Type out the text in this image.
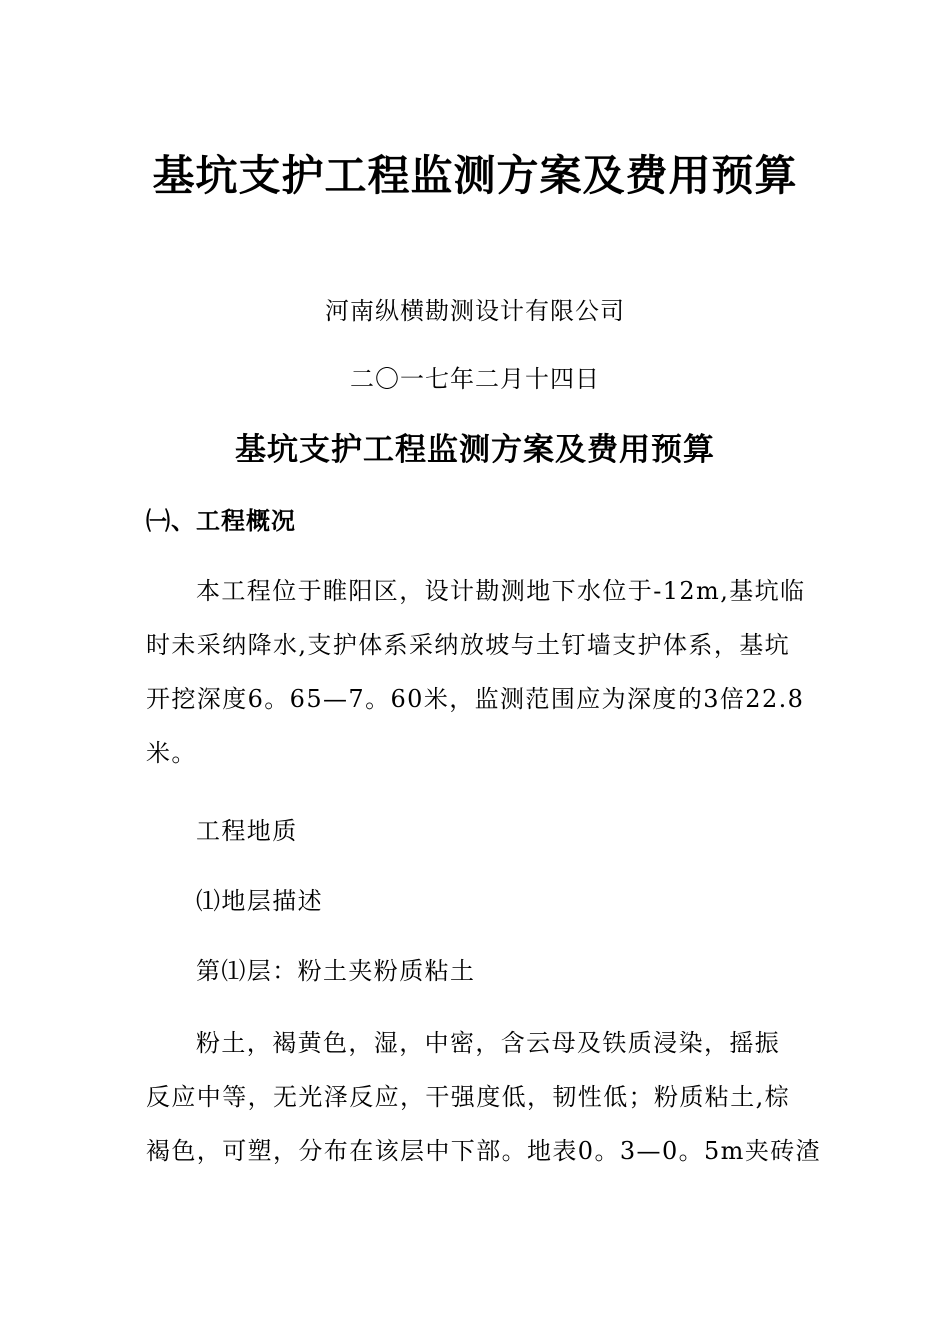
基坑支护工程监测方案及费用预算
河南纵横勘测设计有限公司
二〇一七年二月十四日
基坑支护工程监测方案及费用预算
㈠、工程概况
本工程位于睢阳区，设计勘测地下水位于-12m,基坑临
时未采纳降水,支护体系采纳放坡与土钉墙支护体系，基坑
开挖深度6。65—7。60米，监测范围应为深度的3倍22.8
米。
工程地质
⑴地层描述
第⑴层：粉土夹粉质粘土
粉土，褐黄色，湿，中密，含云母及铁质浸染，摇振
反应中等，无光泽反应，干强度低，韧性低；粉质粘土,棕
褐色，可塑，分布在该层中下部。地表0。3—0。5m夹砖渣
